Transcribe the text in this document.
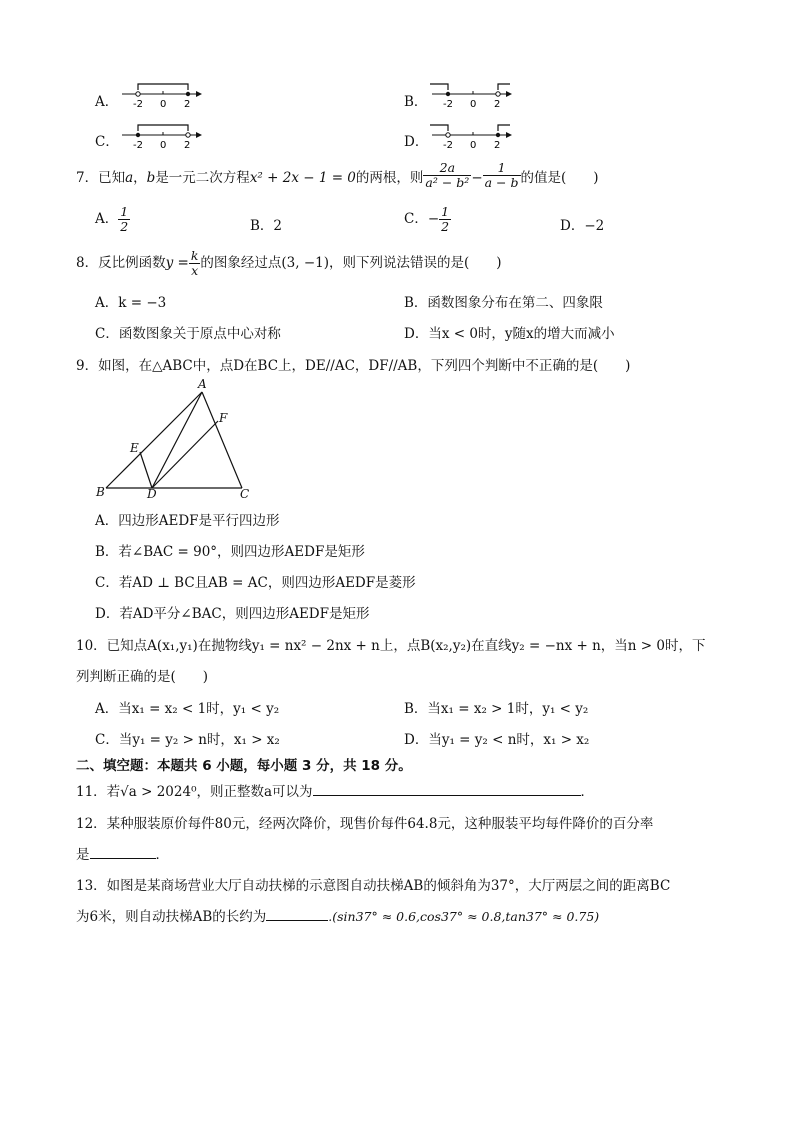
A． -2 0 2	B． -2 0 2
C． -2 0 2	D． -2 0 2
7．已知a，b是一元二次方程x² + 2x − 1 = 0的两根，则 $\frac{2a}{\text{a² − b²}} - \frac{1}{a - b}$ 的值是(　　)
A． $\frac{1}{2}$	B．2	C．− $\frac{1}{2}$	D．−2
8．反比例函数$y = \frac{k}{x}$ 的图象经过点(3, −1)，则下列说法错误的是(　　)
A．k = −3	B．函数图象分布在第二、四象限
C．函数图象关于原点中心对称	D．当x < 0时，y随x的增大而减小
9．如图，在△ABC中，点D在BC上，DE//AC，DF//AB，下列四个判断中不正确的是(　　)
A
B	C
D
E
F
A．四边形AEDF是平行四边形
B．若∠BAC = 90°，则四边形AEDF是矩形
C．若AD ⊥ BC且AB = AC，则四边形AEDF是菱形
D．若AD平分∠BAC，则四边形AEDF是矩形
10．已知点A(x₁,y₁)在抛物线y₁ = nx² − 2nx + n上，点B(x₂,y₂)在直线y₂ = −nx + n，当n > 0时，下
列判断正确的是(　　)
A．当x₁ = x₂ < 1时，y₁ < y₂	B．当x₁ = x₂ > 1时，y₁ < y₂
C．当y₁ = y₂ > n时，x₁ > x₂	D．当y₁ = y₂ < n时，x₁ > x₂
二、填空题：本题共 6 小题，每小题 3 分，共 18 分。
11．若√a > 2024⁰，则正整数a可以为	．
12．某种服装原价每件80元，经两次降价，现售价每件64.8元，这种服装平均每件降价的百分率
是	．
13．如图是某商场营业大厅自动扶梯的示意图自动扶梯AB的倾斜角为37°，大厅两层之间的距离BC
为6米，则自动扶梯AB的长约为	.(sin37° ≈ 0.6,cos37° ≈ 0.8,tan37° ≈ 0.75)
